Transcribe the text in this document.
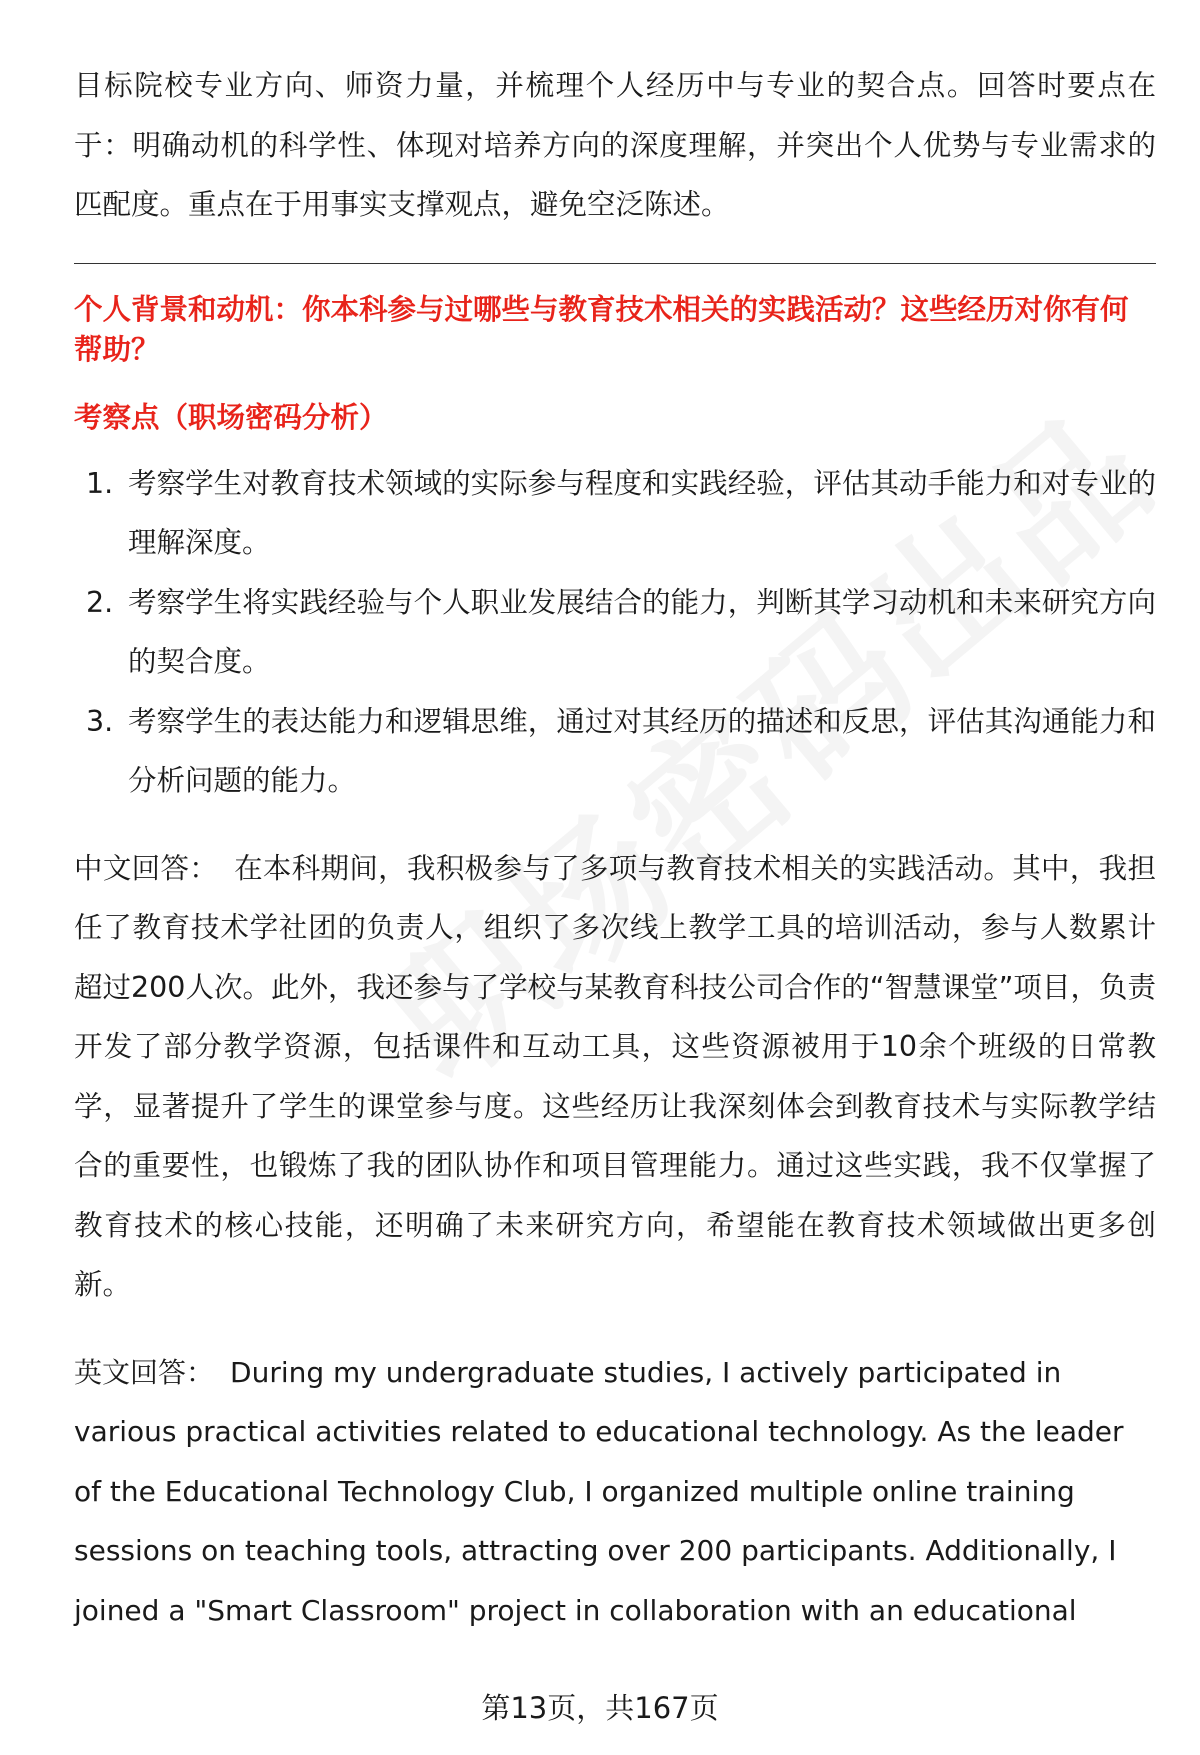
目标院校专业方向、师资力量，并梳理个人经历中与专业的契合点。回答时要点在于：明确动机的科学性、体现对培养方向的深度理解，并突出个人优势与专业需求的匹配度。重点在于用事实支撑观点，避免空泛陈述。

个人背景和动机：你本科参与过哪些与教育技术相关的实践活动？这些经历对你有何帮助？

考察点（职场密码分析）

1. 考察学生对教育技术领域的实际参与程度和实践经验，评估其动手能力和对专业的理解深度。
2. 考察学生将实践经验与个人职业发展结合的能力，判断其学习动机和未来研究方向的契合度。
3. 考察学生的表达能力和逻辑思维，通过对其经历的描述和反思，评估其沟通能力和分析问题的能力。

中文回答： 在本科期间，我积极参与了多项与教育技术相关的实践活动。其中，我担任了教育技术学社团的负责人，组织了多次线上教学工具的培训活动，参与人数累计超过200人次。此外，我还参与了学校与某教育科技公司合作的“智慧课堂”项目，负责开发了部分教学资源，包括课件和互动工具，这些资源被用于10余个班级的日常教学，显著提升了学生的课堂参与度。这些经历让我深刻体会到教育技术与实际教学结合的重要性，也锻炼了我的团队协作和项目管理能力。通过这些实践，我不仅掌握了教育技术的核心技能，还明确了未来研究方向，希望能在教育技术领域做出更多创新。

英文回答： During my undergraduate studies, I actively participated in various practical activities related to educational technology. As the leader of the Educational Technology Club, I organized multiple online training sessions on teaching tools, attracting over 200 participants. Additionally, I joined a "Smart Classroom" project in collaboration with an educational

第13页，共167页
